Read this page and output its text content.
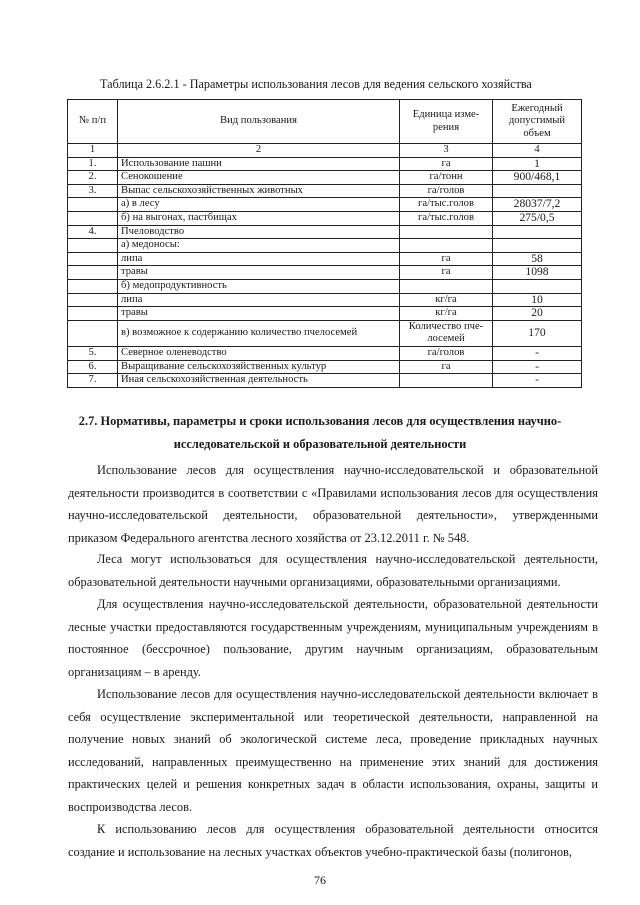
Таблица 2.6.2.1 - Параметры использования лесов для ведения сельского хозяйства
№ п/п	Вид пользования	Единица изме-рения	Ежегодный допустимый объем
1	2	3	4
1.	Использование пашни	га	1
2.	Сенокошение	га/тонн	900/468,1
3.	Выпас сельскохозяйственных животных	га/голов	
	а) в лесу	га/тыс.голов	28037/7,2
	б) на выгонах, пастбищах	га/тыс.голов	275/0,5
4.	Пчеловодство		
	а) медоносы:		
	липа	га	58
	травы	га	1098
	б) медопродуктивность		
	липа	кг/га	10
	травы	кг/га	20
	в) возможное к содержанию количество пчелосемей	Количество пче-лосемей	170
5.	Северное оленеводство	га/голов	-
6.	Выращивание сельскохозяйственных культур	га	-
7.	Иная сельскохозяйственная деятельность		-
2.7. Нормативы, параметры и сроки использования лесов для осуществления научно-
исследовательской и образовательной деятельности
Использование лесов для осуществления научно-исследовательской и образовательной деятельности производится в соответствии с «Правилами использования лесов для осуществления научно-исследовательской деятельности, образовательной деятельности», утвержденными приказом Федерального агентства лесного хозяйства от 23.12.2011 г. № 548.
Леса могут использоваться для осуществления научно-исследовательской деятельности, образовательной деятельности научными организациями, образовательными организациями.
Для осуществления научно-исследовательской деятельности, образовательной деятельности лесные участки предоставляются государственным учреждениям, муниципальным учреждениям в постоянное (бессрочное) пользование, другим научным организациям, образовательным организациям – в аренду.
Использование лесов для осуществления научно-исследовательской деятельности включает в себя осуществление экспериментальной или теоретической деятельности, направленной на получение новых знаний об экологической системе леса, проведение прикладных научных исследований, направленных преимущественно на применение этих знаний для достижения практических целей и решения конкретных задач в области использования, охраны, защиты и воспроизводства лесов.
К использованию лесов для осуществления образовательной деятельности относится создание и использование на лесных участках объектов учебно-практической базы (полигонов,
76
